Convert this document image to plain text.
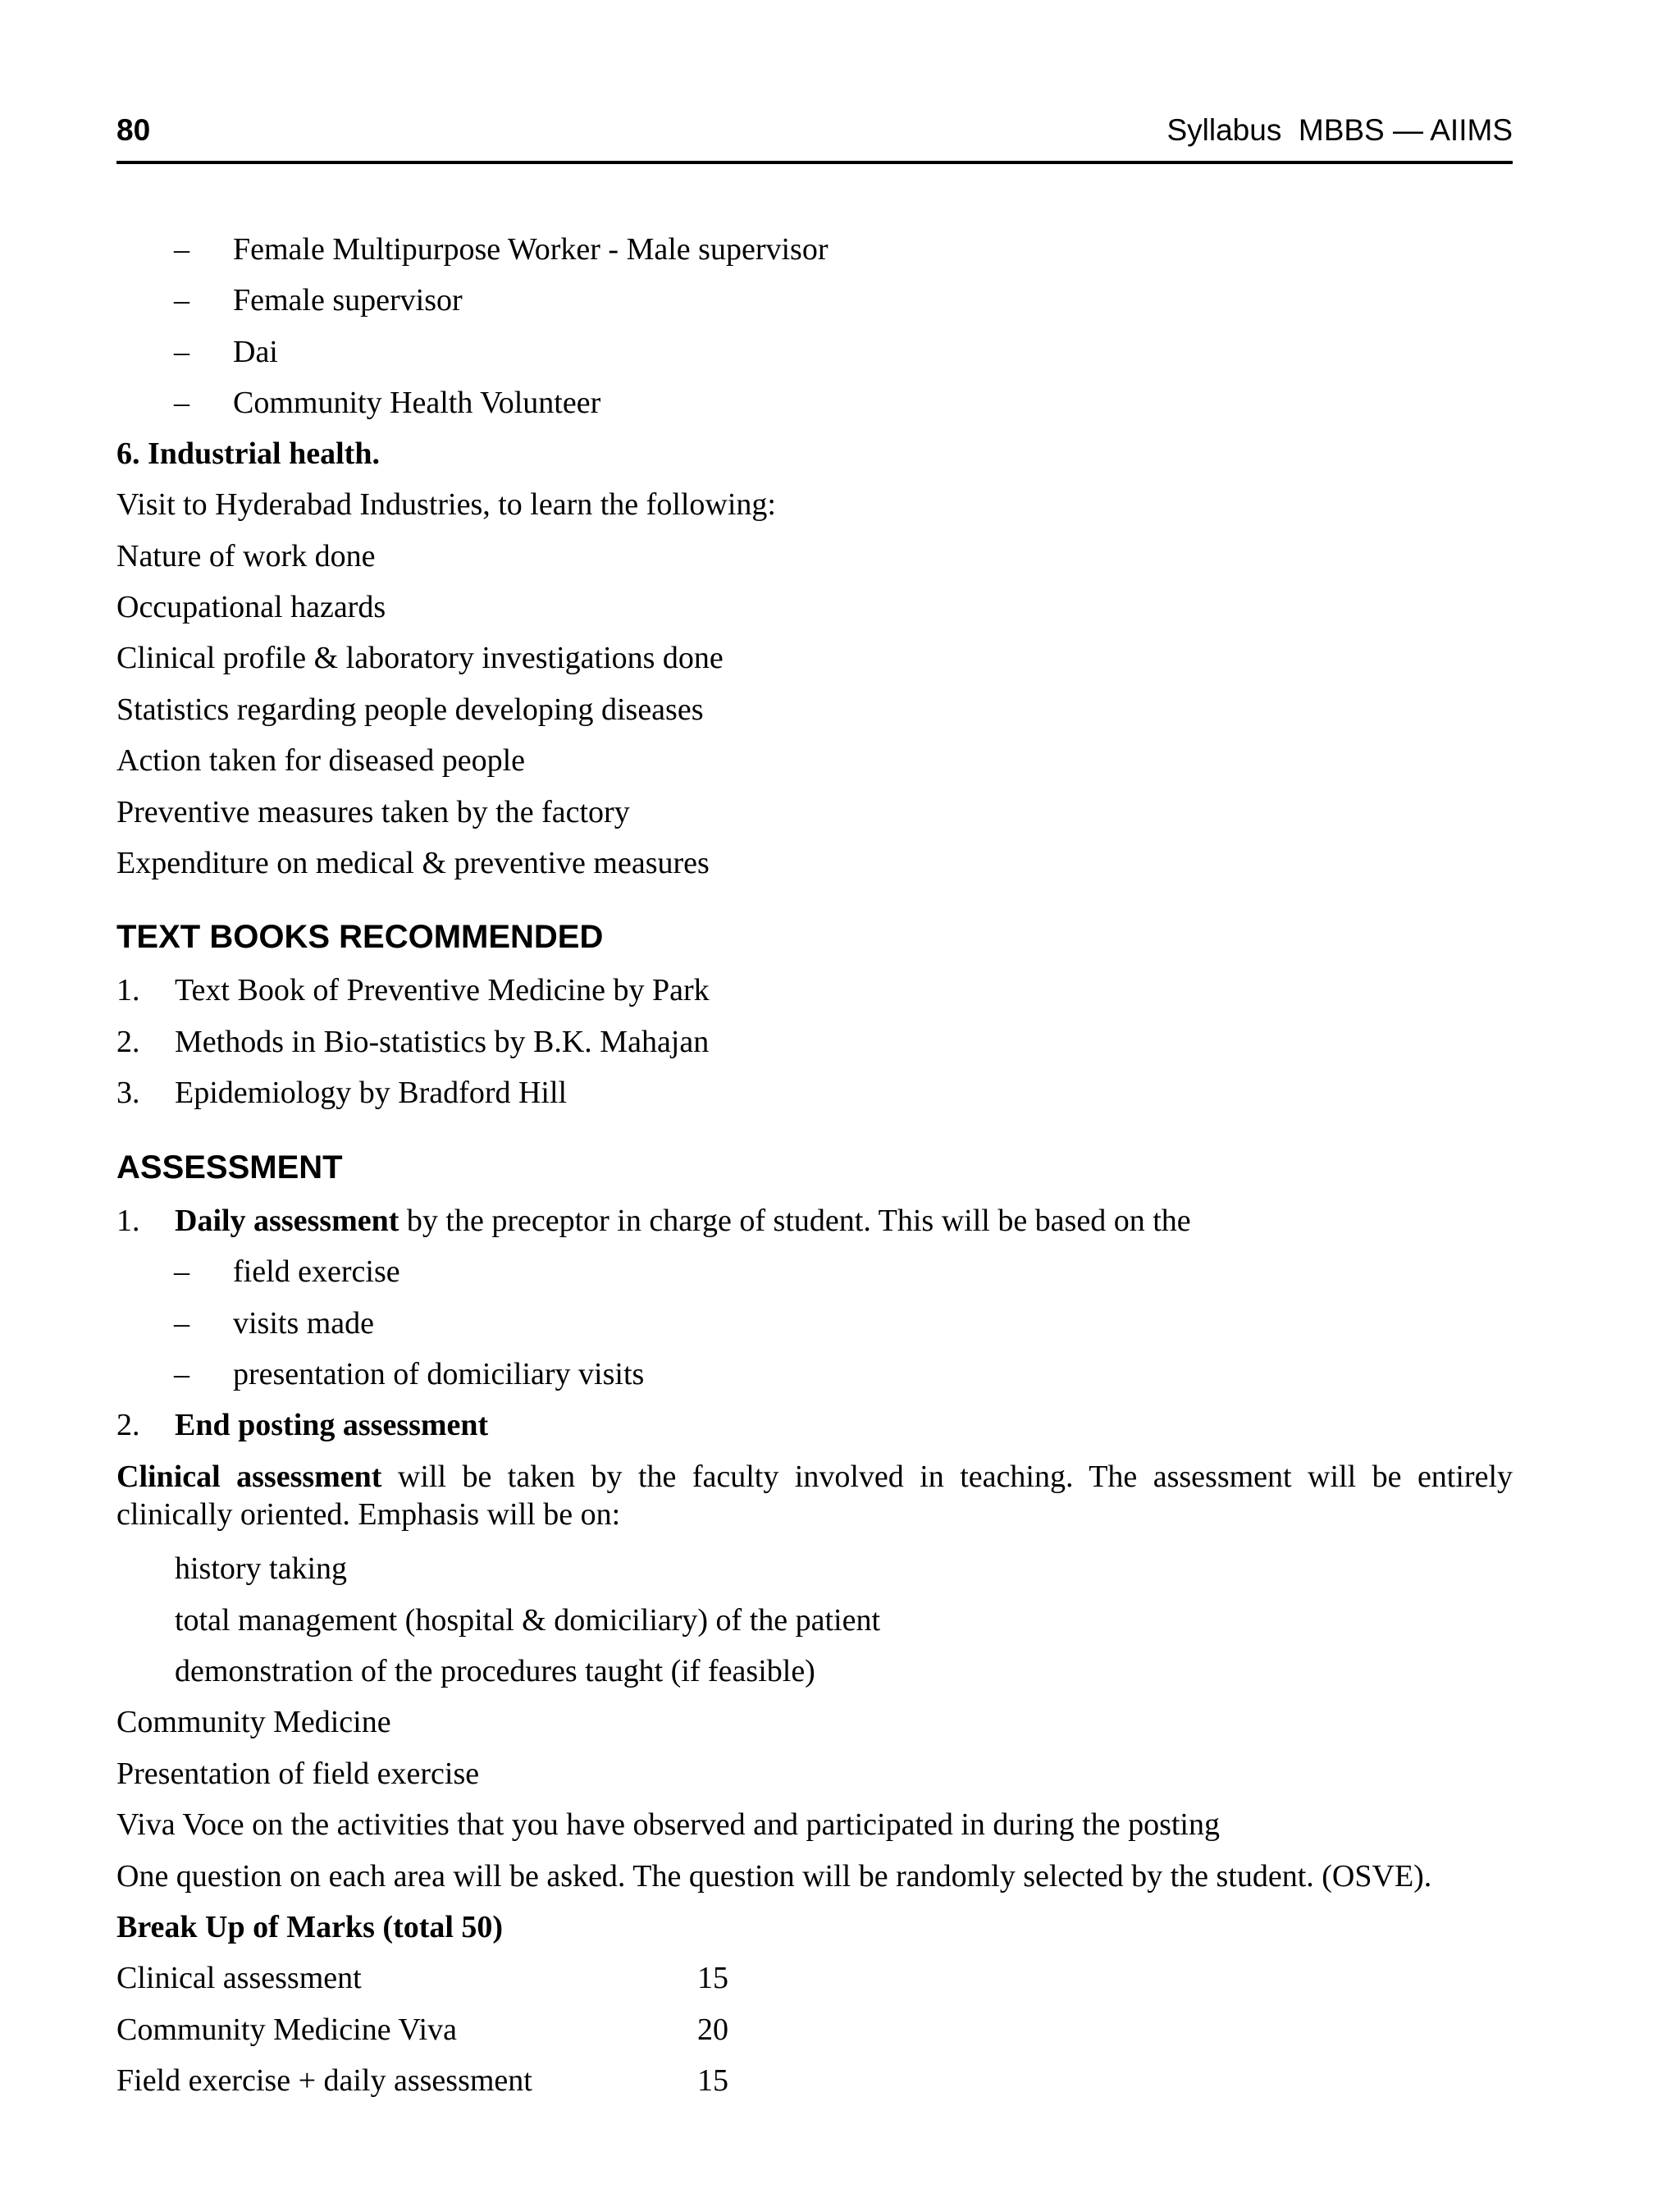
80	Syllabus  MBBS — AIIMS
– Female Multipurpose Worker - Male supervisor
– Female supervisor
– Dai
– Community Health Volunteer
6. Industrial health.
Visit to Hyderabad Industries, to learn the following:
Nature of work done
Occupational hazards
Clinical profile & laboratory investigations done
Statistics regarding people developing diseases
Action taken for diseased people
Preventive measures taken by the factory
Expenditure on medical & preventive measures
TEXT BOOKS RECOMMENDED
1. Text Book of Preventive Medicine by Park
2. Methods in Bio-statistics by B.K. Mahajan
3. Epidemiology by Bradford Hill
ASSESSMENT
1. Daily assessment by the preceptor in charge of student. This will be based on the
– field exercise
– visits made
– presentation of domiciliary visits
2. End posting assessment
Clinical assessment will be taken by the faculty involved in teaching. The assessment will be entirely clinically oriented. Emphasis will be on:
history taking
total management (hospital & domiciliary) of the patient
demonstration of the procedures taught (if feasible)
Community Medicine
Presentation of field exercise
Viva Voce on the activities that you have observed and participated in during the posting
One question on each area will be asked. The question will be randomly selected by the student. (OSVE).
Break Up of Marks (total 50)
Clinical assessment	15
Community Medicine Viva	20
Field exercise + daily assessment	15
